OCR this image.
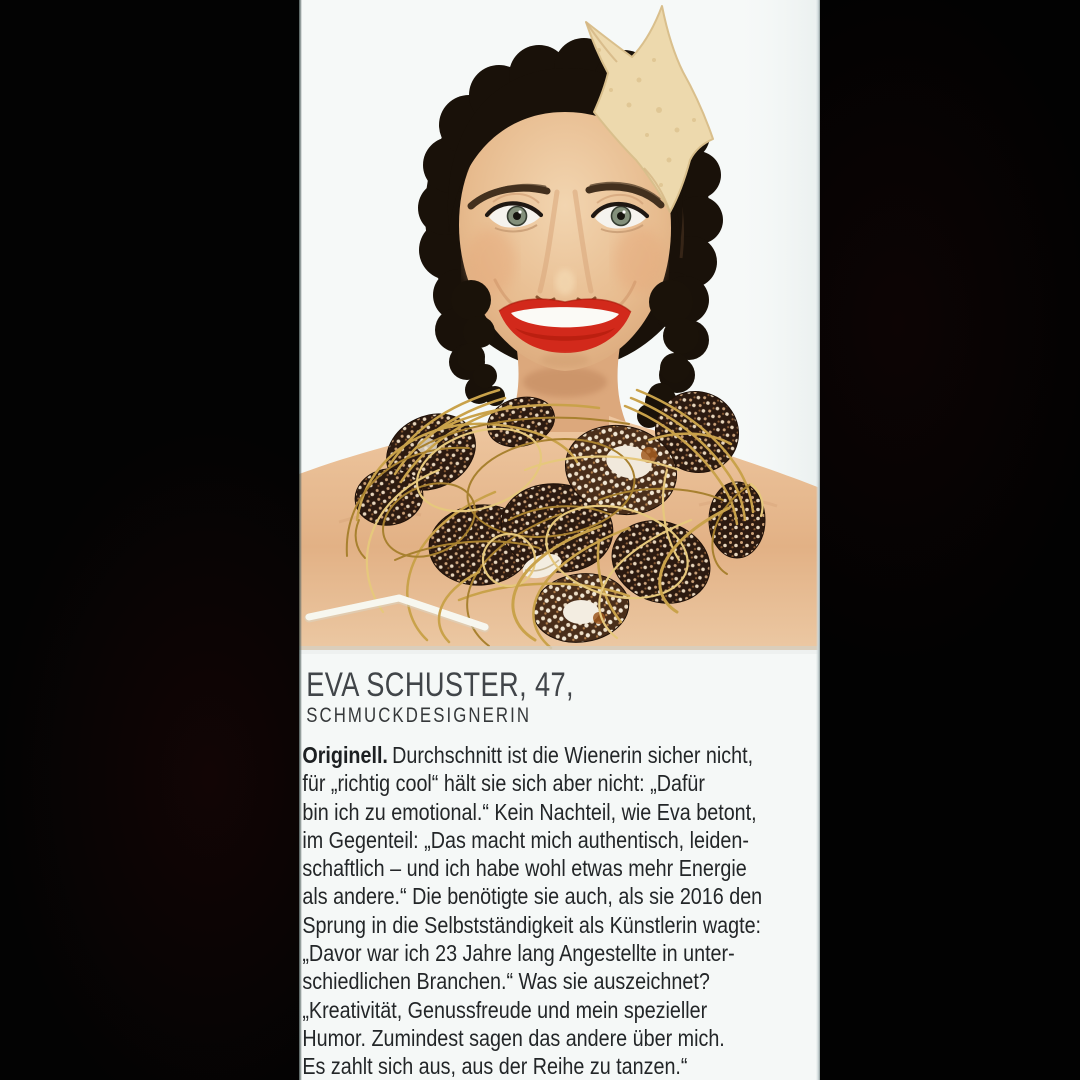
EVA SCHUSTER, 47,

SCHMUCKDESIGNERIN

Originell. Durchschnitt ist die Wienerin sicher nicht,
für „richtig cool“ hält sie sich aber nicht: „Dafür
bin ich zu emotional.“ Kein Nachteil, wie Eva betont,
im Gegenteil: „Das macht mich authentisch, leiden-
schaftlich – und ich habe wohl etwas mehr Energie
als andere.“ Die benötigte sie auch, als sie 2016 den
Sprung in die Selbstständigkeit als Künstlerin wagte:
„Davor war ich 23 Jahre lang Angestellte in unter-
schiedlichen Branchen.“ Was sie auszeichnet?
„Kreativität, Genussfreude und mein spezieller
Humor. Zumindest sagen das andere über mich.
Es zahlt sich aus, aus der Reihe zu tanzen.“
